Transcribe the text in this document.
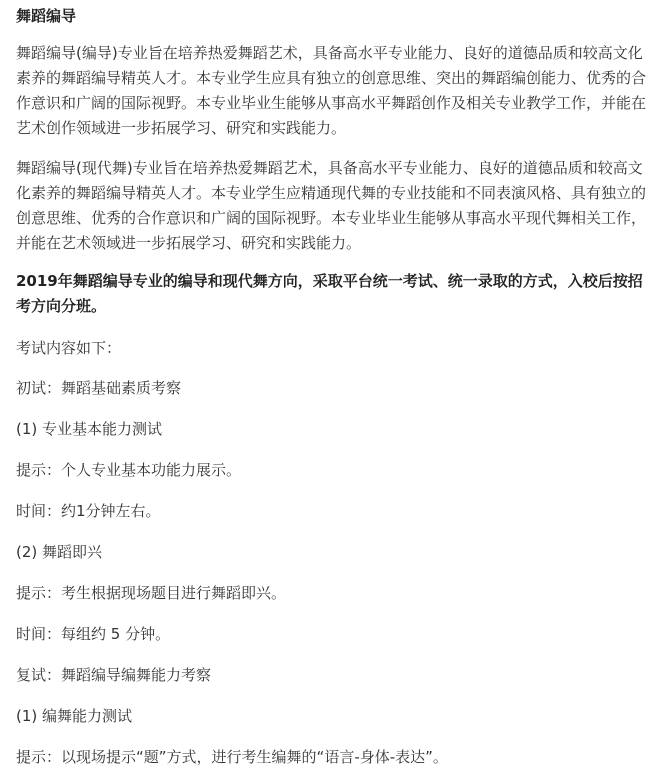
舞蹈编导

舞蹈编导(编导)专业旨在培养热爱舞蹈艺术，具备高水平专业能力、良好的道德品质和较高文化素养的舞蹈编导精英人才。本专业学生应具有独立的创意思维、突出的舞蹈编创能力、优秀的合作意识和广阔的国际视野。本专业毕业生能够从事高水平舞蹈创作及相关专业教学工作，并能在艺术创作领域进一步拓展学习、研究和实践能力。

舞蹈编导(现代舞)专业旨在培养热爱舞蹈艺术，具备高水平专业能力、良好的道德品质和较高文化素养的舞蹈编导精英人才。本专业学生应精通现代舞的专业技能和不同表演风格、具有独立的创意思维、优秀的合作意识和广阔的国际视野。本专业毕业生能够从事高水平现代舞相关工作，并能在艺术领域进一步拓展学习、研究和实践能力。

2019年舞蹈编导专业的编导和现代舞方向，采取平台统一考试、统一录取的方式，入校后按招考方向分班。

考试内容如下：
初试：舞蹈基础素质考察
(1) 专业基本能力测试
提示：个人专业基本功能力展示。
时间：约1分钟左右。
(2) 舞蹈即兴
提示：考生根据现场题目进行舞蹈即兴。
时间：每组约 5 分钟。
复试：舞蹈编导编舞能力考察
(1) 编舞能力测试
提示：以现场提示“题”方式，进行考生编舞的“语言-身体-表达”。
